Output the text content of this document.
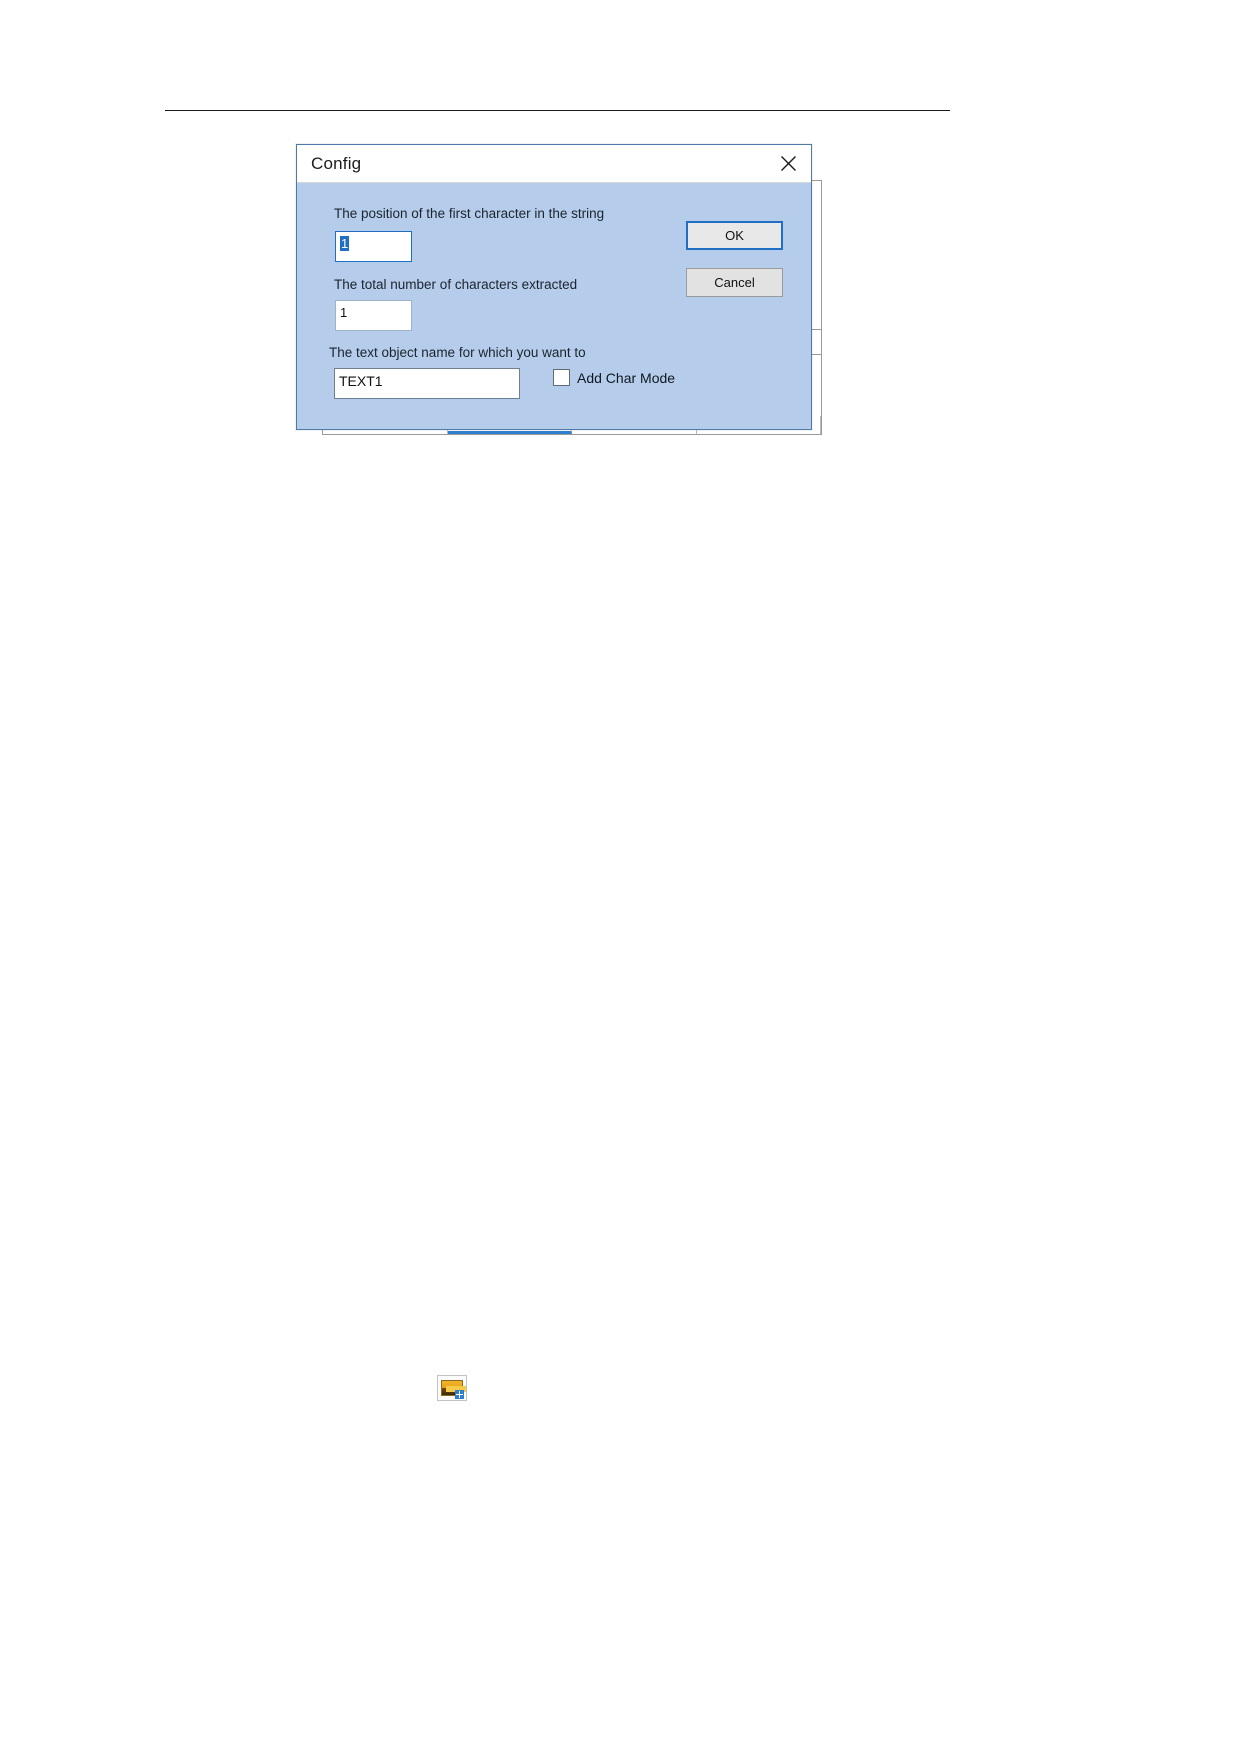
Config
The position of the first character in the string
1
The total number of characters extracted
1
The text object name for which you want to
TEXT1	Add Char Mode
OK
Cancel
